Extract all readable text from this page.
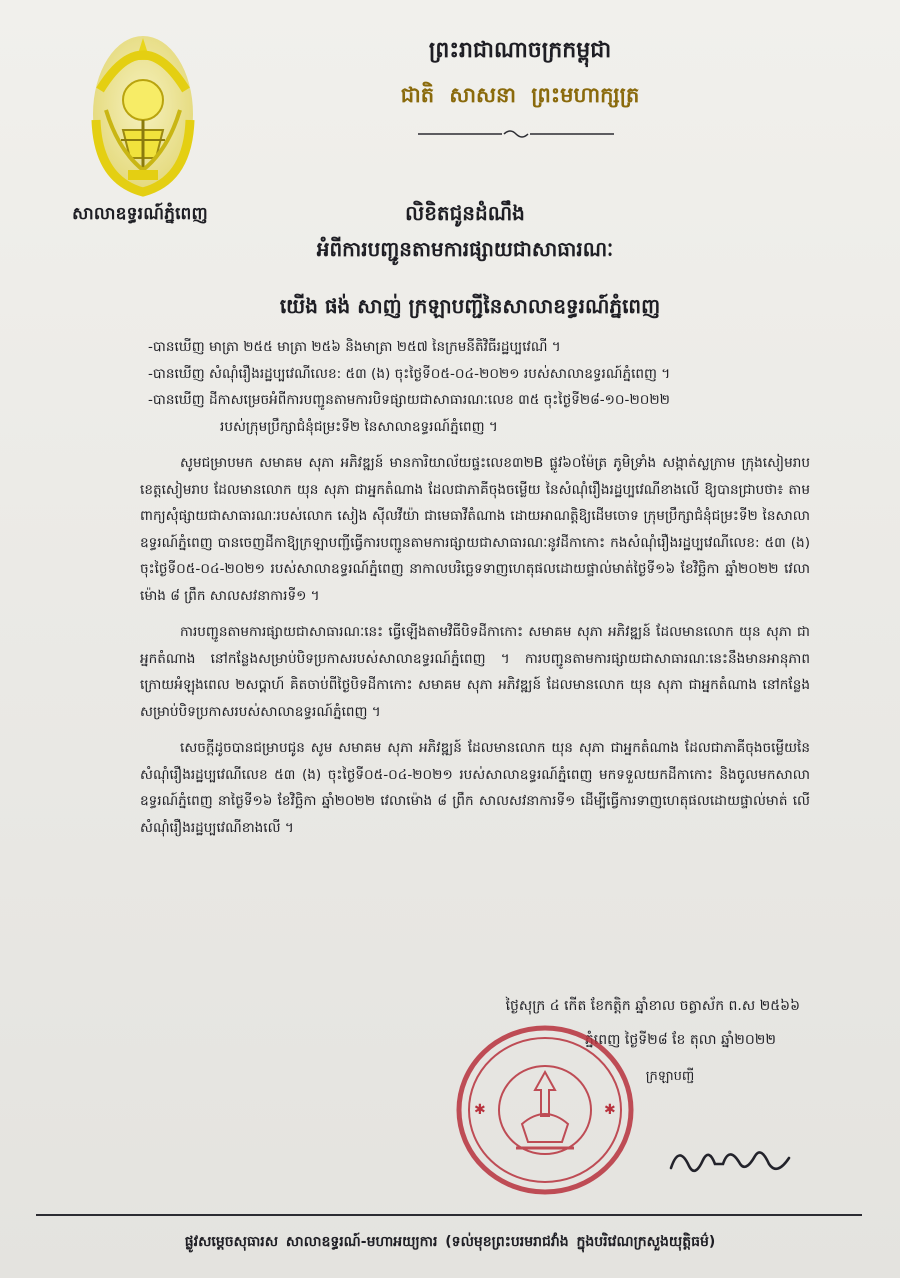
សាលាឧទ្ធរណ៍ភ្នំពេញ
ព្រះរាជាណាចក្រកម្ពុជា
ជាតិ សាសនា ព្រះមហាក្សត្រ
លិខិតជូនដំណឹង
អំពីការបញ្ជូនតាមការផ្សាយជាសាធារណៈ
យើង ផង់ សាញ់ ក្រឡាបញ្ជីនៃសាលាឧទ្ធរណ៍ភ្នំពេញ
-បានឃើញ មាត្រា ២៥៥ មាត្រា ២៥៦ និងមាត្រា ២៥៧ នៃក្រមនីតិវិធីរដ្ឋប្បវេណី ។
-បានឃើញ សំណុំរឿងរដ្ឋប្បវេណីលេខ: ៥៣ (ង) ចុះថ្ងៃទី០៥-០៤-២០២១ របស់សាលាឧទ្ធរណ៍ភ្នំពេញ ។
-បានឃើញ ដីកាសម្រេចអំពីការបញ្ជូនតាមការបិទផ្សាយជាសាធារណៈលេខ ៣៥ ចុះថ្ងៃទី២៨-១០-២០២២
របស់ក្រុមប្រឹក្សាជំនុំជម្រះទី២ នៃសាលាឧទ្ធរណ៍ភ្នំពេញ ។
សូមជម្រាបមក សមាគម សុភា អភិវឌ្ឍន៍ មានការិយាល័យផ្ទះលេខ៣២B ផ្លូវ៦០ម៉ែត្រ ភូមិទ្រាំង សង្កាត់ស្លក្រាម ក្រុងសៀមរាប ខេត្តសៀមរាប ដែលមានលោក យុន សុភា ជាអ្នកតំណាង ដែលជាភាគីចុងចម្លើយ នៃសំណុំរឿងរដ្ឋប្បវេណីខាងលើ ឱ្យបានជ្រាបថា៖ តាមពាក្យសុំផ្សាយជាសាធារណៈរបស់លោក សៀង ស៊ីលវីយ៉ា ជាមេធាវីតំណាង ដោយអាណត្តិឱ្យដើមចោទ ក្រុមប្រឹក្សាជំនុំជម្រះទី២ នៃសាលាឧទ្ធរណ៍ភ្នំពេញ បានចេញដីកាឱ្យក្រឡាបញ្ជីធ្វើការបញ្ជូនតាមការផ្សាយជាសាធារណៈនូវដីកាកោះ កងសំណុំរឿងរដ្ឋប្បវេណីលេខ: ៥៣ (ង) ចុះថ្ងៃទី០៥-០៤-២០២១ របស់សាលាឧទ្ធរណ៍ភ្នំពេញ នាកាលបរិច្ឆេទទាញហេតុផលដោយផ្ទាល់មាត់ថ្ងៃទី១៦ ខែវិច្ឆិកា ឆ្នាំ២០២២ វេលាម៉ោង ៨ ព្រឹក សាលសវនាការទី១ ។
ការបញ្ជូនតាមការផ្សាយជាសាធារណៈនេះ ធ្វើឡើងតាមវិធីបិទដីកាកោះ សមាគម សុភា អភិវឌ្ឍន៍ ដែលមានលោក យុន សុភា ជាអ្នកតំណាង នៅកន្លែងសម្រាប់បិទប្រកាសរបស់សាលាឧទ្ធរណ៍ភ្នំពេញ ។ ការបញ្ជូនតាមការផ្សាយជាសាធារណៈនេះនឹងមានអានុភាព ក្រោយអំឡុងពេល ២សប្តាហ៍ គិតចាប់ពីថ្ងៃបិទដីកាកោះ សមាគម សុភា អភិវឌ្ឍន៍ ដែលមានលោក យុន សុភា ជាអ្នកតំណាង នៅកន្លែងសម្រាប់បិទប្រកាសរបស់សាលាឧទ្ធរណ៍ភ្នំពេញ ។
សេចក្តីដូចបានជម្រាបជូន សូម សមាគម សុភា អភិវឌ្ឍន៍ ដែលមានលោក យុន សុភា ជាអ្នកតំណាង ដែលជាភាគីចុងចម្លើយនៃសំណុំរឿងរដ្ឋប្បវេណីលេខ ៥៣ (ង) ចុះថ្ងៃទី០៥-០៤-២០២១ របស់សាលាឧទ្ធរណ៍ភ្នំពេញ មកទទួលយកដីកាកោះ និងចូលមកសាលាឧទ្ធរណ៍ភ្នំពេញ នាថ្ងៃទី១៦ ខែវិច្ឆិកា ឆ្នាំ២០២២ វេលាម៉ោង ៨ ព្រឹក សាលសវនាការទី១ ដើម្បីធ្វើការទាញហេតុផលដោយផ្ទាល់មាត់ លើសំណុំរឿងរដ្ឋប្បវេណីខាងលើ ។
ថ្ងៃសុក្រ ៤ កើត ខែកត្តិក ឆ្នាំខាល ចត្វាស័ក ព.ស ២៥៦៦
ភ្នំពេញ ថ្ងៃទី២៨ ខែ តុលា ឆ្នាំ២០២២
ក្រឡាបញ្ជី
✱	✱
ផ្លូវសម្តេចសុធារស សាលាឧទ្ធរណ៍-មហាអយ្យការ (ទល់មុខព្រះបរមរាជវាំង ក្នុងបរិវេណក្រសួងយុត្តិធម៌)
